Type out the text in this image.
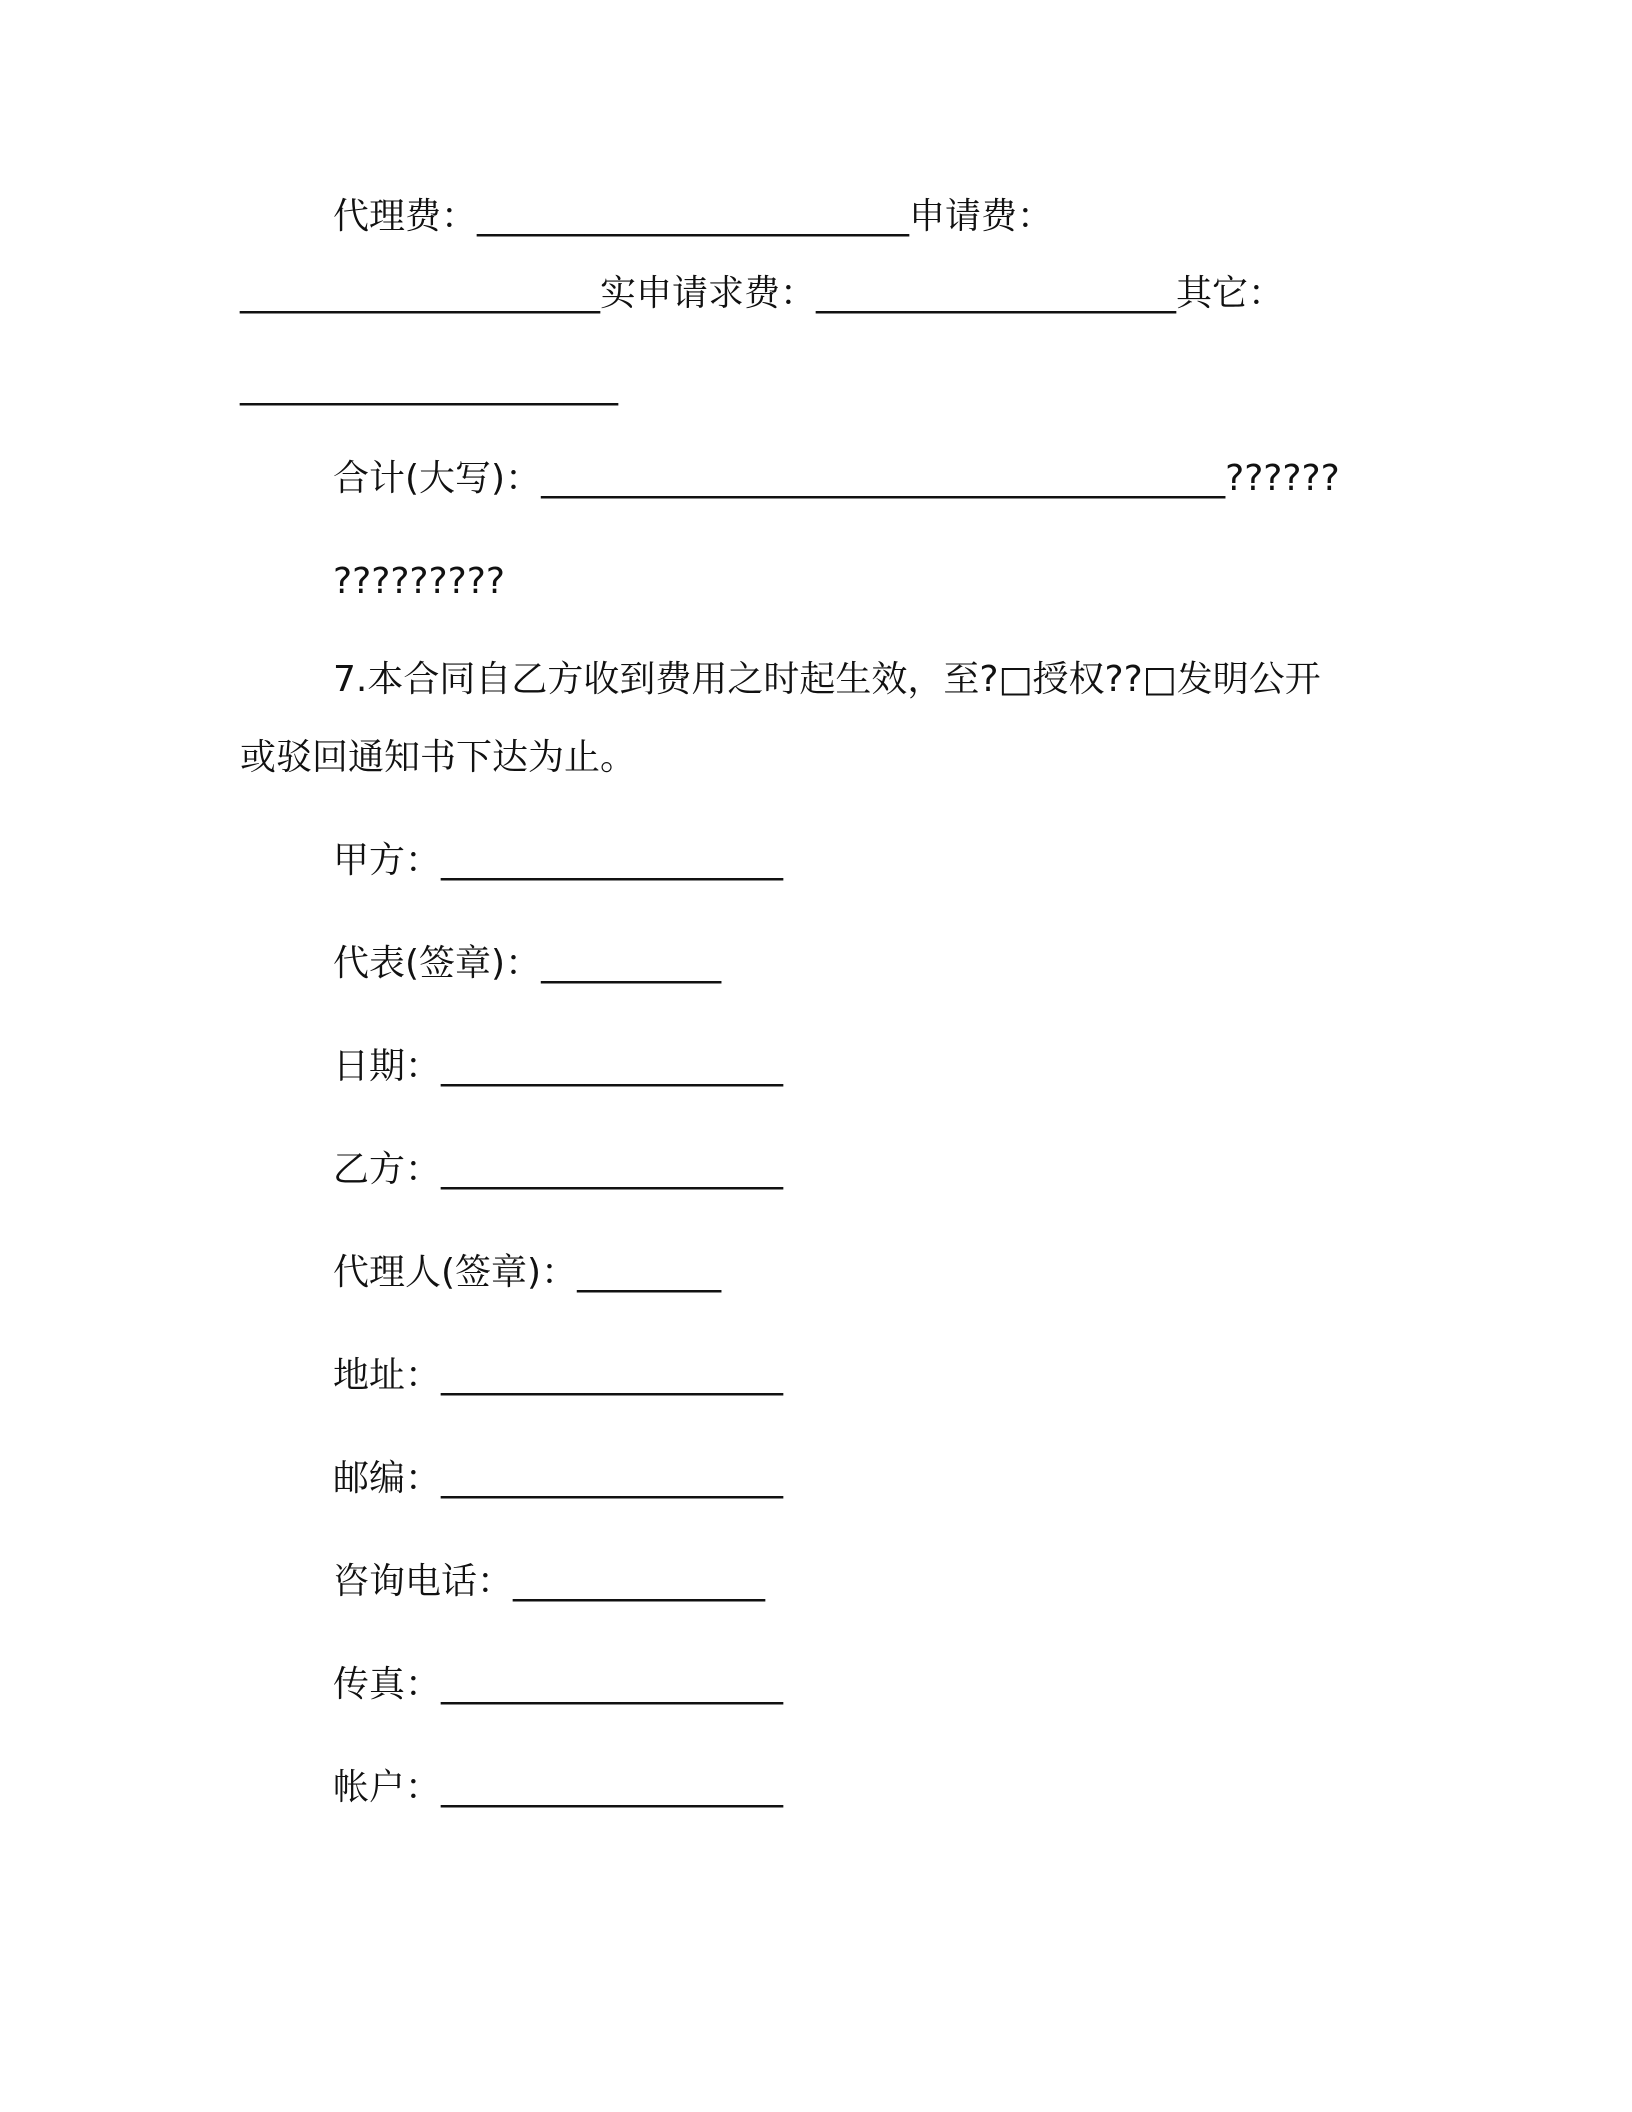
代理费：________________________申请费：
____________________实申请求费：____________________其它：
_____________________
合计(大写)：______________________________________??????
?????????
7.本合同自乙方收到费用之时起生效，至?□授权??□发明公开
或驳回通知书下达为止。
甲方：___________________
代表(签章)：__________
日期：___________________
乙方：___________________
代理人(签章)：________
地址：___________________
邮编：___________________
咨询电话：______________
传真：___________________
帐户：___________________
